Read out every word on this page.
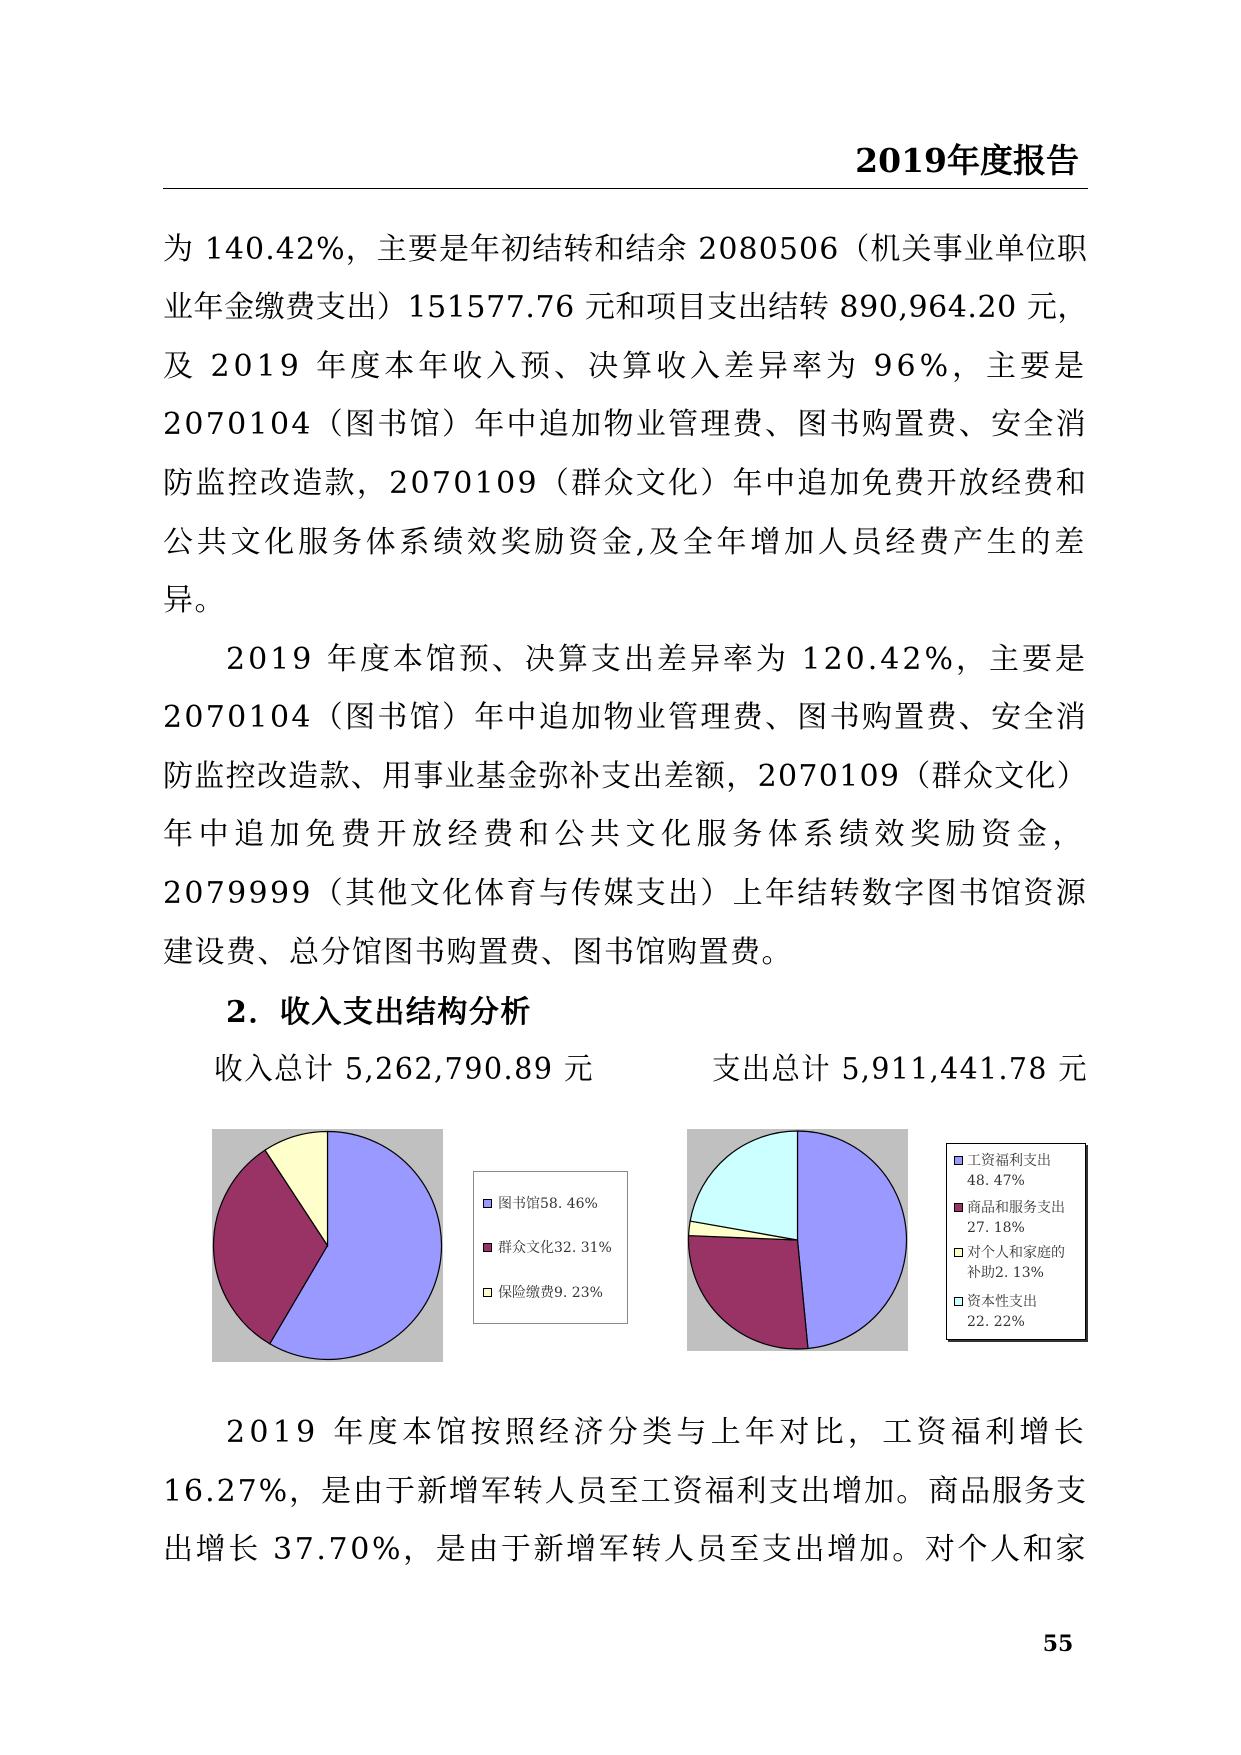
2019年度报告
为 140.42%，主要是年初结转和结余 2080506（机关事业单位职
业年金缴费支出）151577.76 元和项目支出结转 890,964.20 元，
及 2019 年度本年收入预、决算收入差异率为 96%，主要是
2070104（图书馆）年中追加物业管理费、图书购置费、安全消
防监控改造款，2070109（群众文化）年中追加免费开放经费和
公共文化服务体系绩效奖励资金,及全年增加人员经费产生的差
异。
2019 年度本馆预、决算支出差异率为 120.42%，主要是
2070104（图书馆）年中追加物业管理费、图书购置费、安全消
防监控改造款、用事业基金弥补支出差额，2070109（群众文化）
年中追加免费开放经费和公共文化服务体系绩效奖励资金，
2079999（其他文化体育与传媒支出）上年结转数字图书馆资源
建设费、总分馆图书购置费、图书馆购置费。
2．收入支出结构分析
收入总计 5,262,790.89 元	支出总计 5,911,441.78 元
图书馆58. 46%
群众文化32. 31%
保险缴费9. 23%
工资福利支出
48. 47%
商品和服务支出
27. 18%
对个人和家庭的
补助2. 13%
资本性支出
22. 22%
2019 年度本馆按照经济分类与上年对比，工资福利增长
16.27%，是由于新增军转人员至工资福利支出增加。商品服务支
出增长 37.70%，是由于新增军转人员至支出增加。对个人和家
55
